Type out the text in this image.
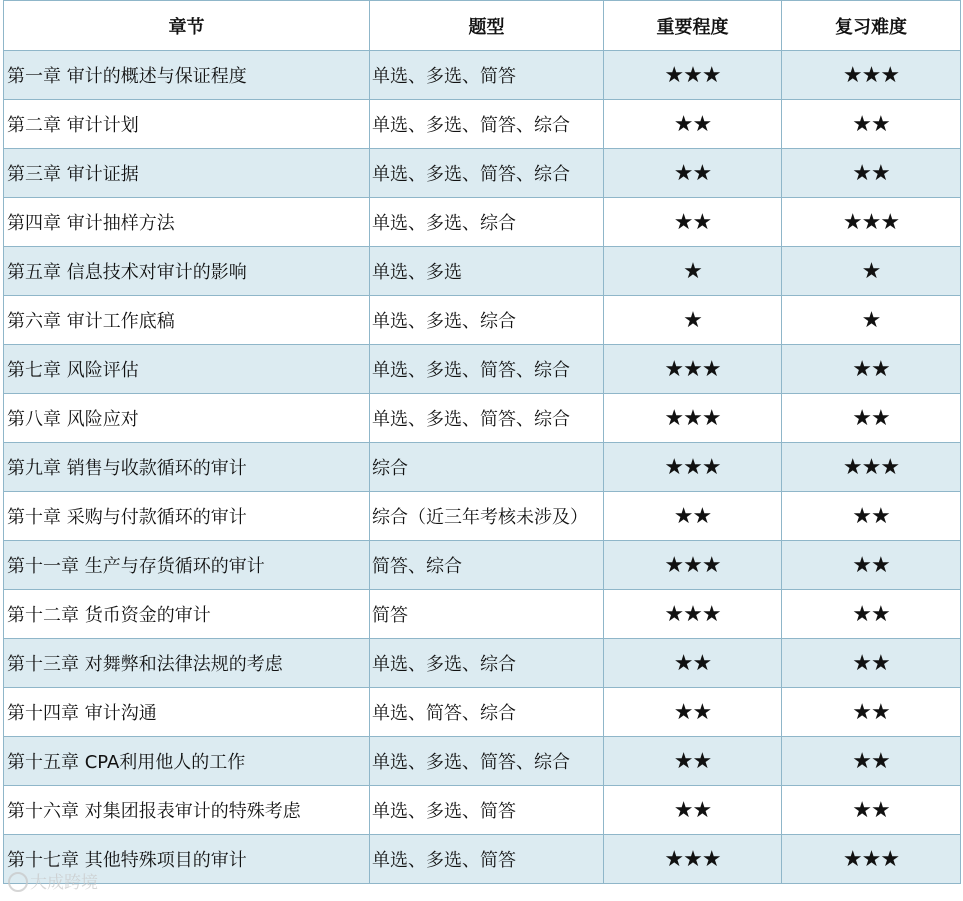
章节	题型	重要程度	复习难度
第一章 审计的概述与保证程度	单选、多选、简答	★★★	★★★
第二章 审计计划	单选、多选、简答、综合	★★	★★
第三章 审计证据	单选、多选、简答、综合	★★	★★
第四章 审计抽样方法	单选、多选、综合	★★	★★★
第五章 信息技术对审计的影响	单选、多选	★	★
第六章 审计工作底稿	单选、多选、综合	★	★
第七章 风险评估	单选、多选、简答、综合	★★★	★★
第八章 风险应对	单选、多选、简答、综合	★★★	★★
第九章 销售与收款循环的审计	综合	★★★	★★★
第十章 采购与付款循环的审计	综合（近三年考核未涉及）	★★	★★
第十一章 生产与存货循环的审计	简答、综合	★★★	★★
第十二章 货币资金的审计	简答	★★★	★★
第十三章 对舞弊和法律法规的考虑	单选、多选、综合	★★	★★
第十四章 审计沟通	单选、简答、综合	★★	★★
第十五章 CPA利用他人的工作	单选、多选、简答、综合	★★	★★
第十六章 对集团报表审计的特殊考虑	单选、多选、简答	★★	★★
第十七章 其他特殊项目的审计	单选、多选、简答	★★★	★★★
大成跨境
